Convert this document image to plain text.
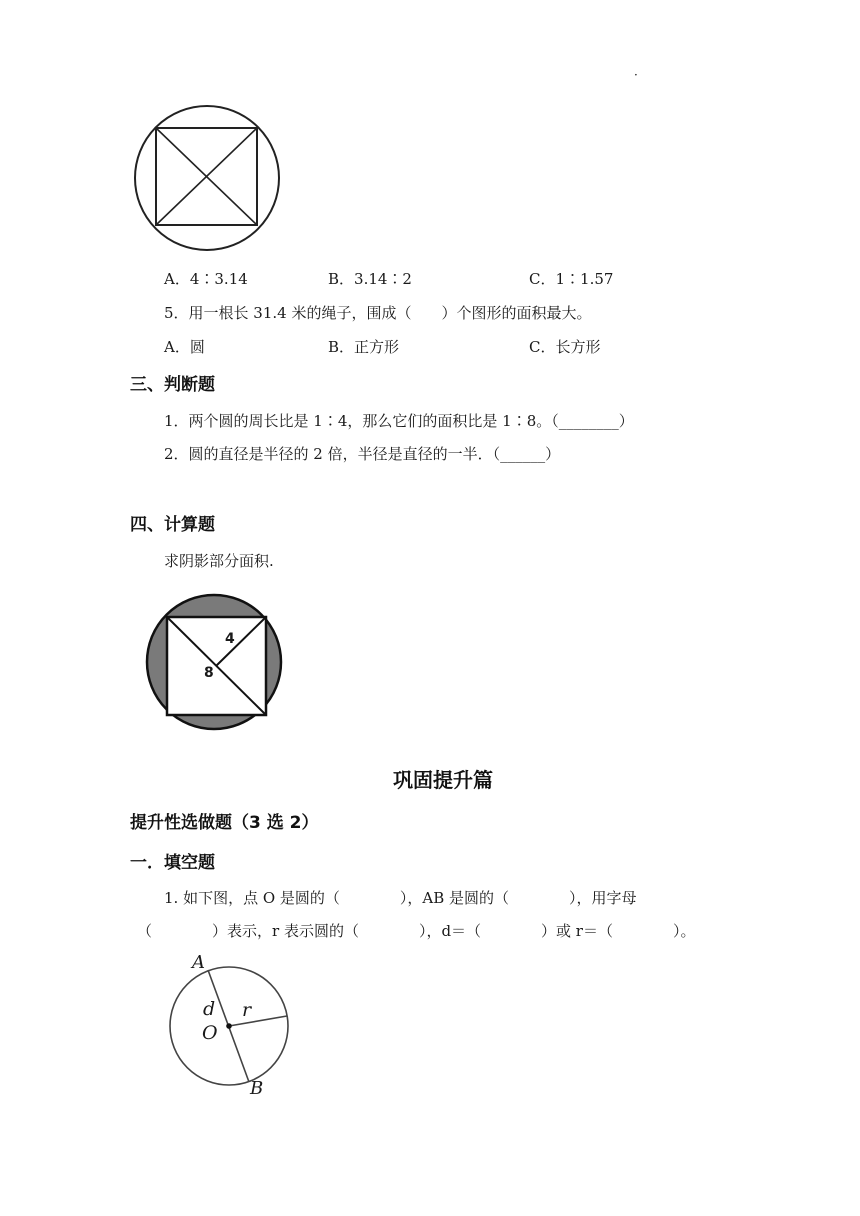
·
A．4∶3.14	B．3.14∶2	C．1∶1.57
5．用一根长 31.4 米的绳子，围成（　　）个图形的面积最大。
A．圆	B．正方形	C．长方形
三、判断题
1．两个圆的周长比是 1∶4，那么它们的面积比是 1∶8。（________）
2．圆的直径是半径的 2 倍，半径是直径的一半．（______）
四、计算题
求阴影部分面积.
4
8
巩固提升篇
提升性选做题（3 选 2）
一．填空题
1. 如下图，点 O 是圆的（　　　　），AB 是圆的（　　　　），用字母
（　　　　）表示，r 表示圆的（　　　　），d＝（　　　　）或 r＝（　　　　）。
A
d r
O
B
